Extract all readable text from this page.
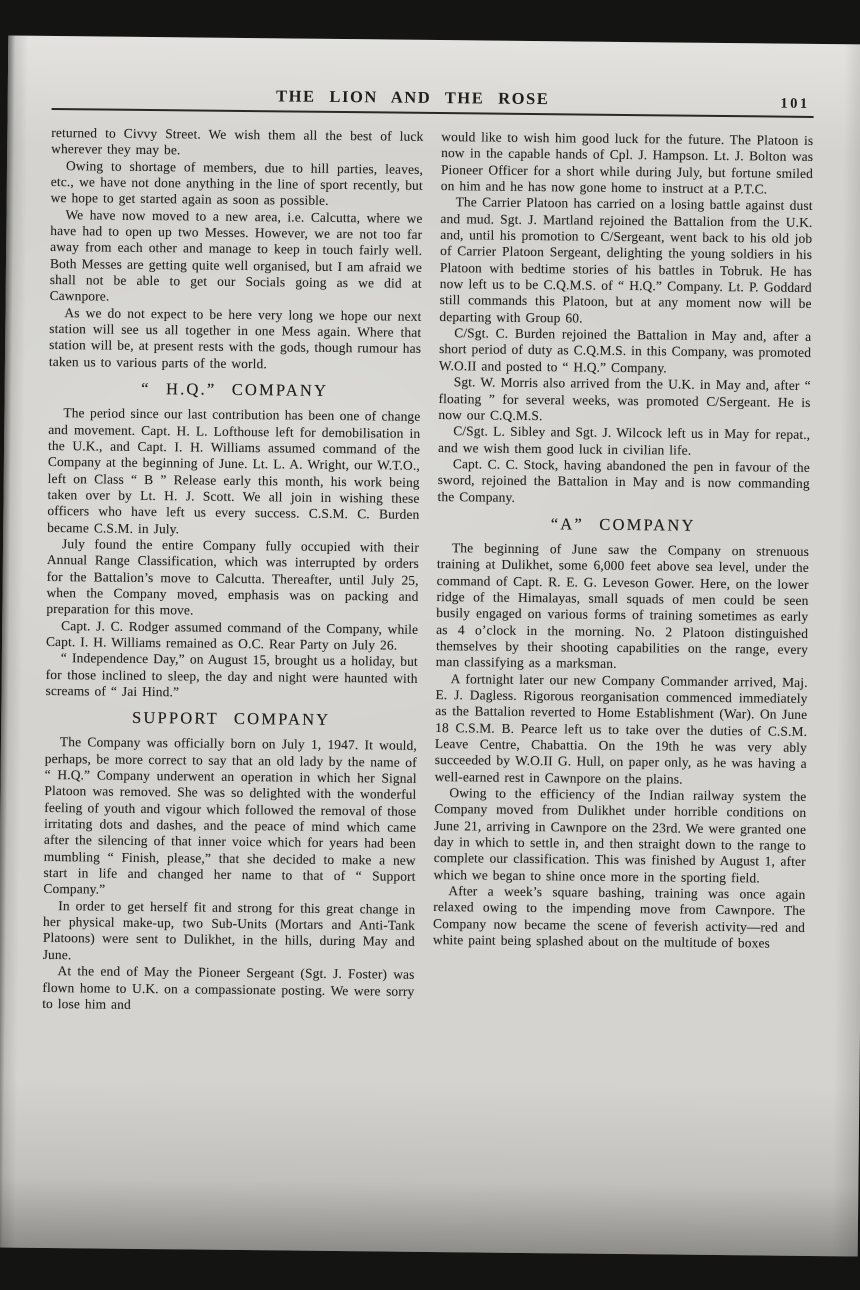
THE LION AND THE ROSE	101

returned to Civvy Street. We wish them all the best of luck wherever they may be.

Owing to shortage of members, due to hill parties, leaves, etc., we have not done anything in the line of sport recently, but we hope to get started again as soon as possible.

We have now moved to a new area, i.e. Calcutta, where we have had to open up two Messes. However, we are not too far away from each other and manage to keep in touch fairly well. Both Messes are getting quite well organised, but I am afraid we shall not be able to get our Socials going as we did at Cawnpore.

As we do not expect to be here very long we hope our next station will see us all together in one Mess again. Where that station will be, at present rests with the gods, though rumour has taken us to various parts of the world.

“ H.Q.” COMPANY

The period since our last contribution has been one of change and movement. Capt. H. L. Lofthouse left for demobilisation in the U.K., and Capt. I. H. Williams assumed command of the Company at the beginning of June. Lt. L. A. Wright, our W.T.O., left on Class “ B ” Release early this month, his work being taken over by Lt. H. J. Scott. We all join in wishing these officers who have left us every success. C.S.M. C. Burden became C.S.M. in July.

July found the entire Company fully occupied with their Annual Range Classification, which was interrupted by orders for the Battalion’s move to Calcutta. Thereafter, until July 25, when the Company moved, emphasis was on packing and preparation for this move.

Capt. J. C. Rodger assumed command of the Company, while Capt. I. H. Williams remained as O.C. Rear Party on July 26.

“ Independence Day,” on August 15, brought us a holiday, but for those inclined to sleep, the day and night were haunted with screams of “ Jai Hind.”

SUPPORT COMPANY

The Company was officially born on July 1, 1947. It would, perhaps, be more correct to say that an old lady by the name of “ H.Q.” Company underwent an operation in which her Signal Platoon was removed. She was so delighted with the wonderful feeling of youth and vigour which followed the removal of those irritating dots and dashes, and the peace of mind which came after the silencing of that inner voice which for years had been mumbling “ Finish, please,” that she decided to make a new start in life and changed her name to that of “ Support Company.”

In order to get herself fit and strong for this great change in her physical make-up, two Sub-Units (Mortars and Anti-Tank Platoons) were sent to Dulikhet, in the hills, during May and June.

At the end of May the Pioneer Sergeant (Sgt. J. Foster) was flown home to U.K. on a compassionate posting. We were sorry to lose him and

would like to wish him good luck for the future. The Platoon is now in the capable hands of Cpl. J. Hampson. Lt. J. Bolton was Pioneer Officer for a short while during July, but fortune smiled on him and he has now gone home to instruct at a P.T.C.

The Carrier Platoon has carried on a losing battle against dust and mud. Sgt. J. Martland rejoined the Battalion from the U.K. and, until his promotion to C/Sergeant, went back to his old job of Carrier Platoon Sergeant, delighting the young soldiers in his Platoon with bedtime stories of his battles in Tobruk. He has now left us to be C.Q.M.S. of “ H.Q.” Company. Lt. P. Goddard still commands this Platoon, but at any moment now will be departing with Group 60.

C/Sgt. C. Burden rejoined the Battalion in May and, after a short period of duty as C.Q.M.S. in this Company, was promoted W.O.II and posted to “ H.Q.” Company.

Sgt. W. Morris also arrived from the U.K. in May and, after “ floating ” for several weeks, was promoted C/Sergeant. He is now our C.Q.M.S.

C/Sgt. L. Sibley and Sgt. J. Wilcock left us in May for repat., and we wish them good luck in civilian life.

Capt. C. C. Stock, having abandoned the pen in favour of the sword, rejoined the Battalion in May and is now commanding the Company.

“A” COMPANY

The beginning of June saw the Company on strenuous training at Dulikhet, some 6,000 feet above sea level, under the command of Capt. R. E. G. Leveson Gower. Here, on the lower ridge of the Himalayas, small squads of men could be seen busily engaged on various forms of training sometimes as early as 4 o’clock in the morning. No. 2 Platoon distinguished themselves by their shooting capabilities on the range, every man classifying as a marksman.

A fortnight later our new Company Commander arrived, Maj. E. J. Dagless. Rigorous reorganisation commenced immediately as the Battalion reverted to Home Establishment (War). On June 18 C.S.M. B. Pearce left us to take over the duties of C.S.M. Leave Centre, Chabattia. On the 19th he was very ably succeeded by W.O.II G. Hull, on paper only, as he was having a well-earned rest in Cawnpore on the plains.

Owing to the efficiency of the Indian railway system the Company moved from Dulikhet under horrible conditions on June 21, arriving in Cawnpore on the 23rd. We were granted one day in which to settle in, and then straight down to the range to complete our classification. This was finished by August 1, after which we began to shine once more in the sporting field.

After a week’s square bashing, training was once again relaxed owing to the impending move from Cawnpore. The Company now became the scene of feverish activity—red and white paint being splashed about on the multitude of boxes
